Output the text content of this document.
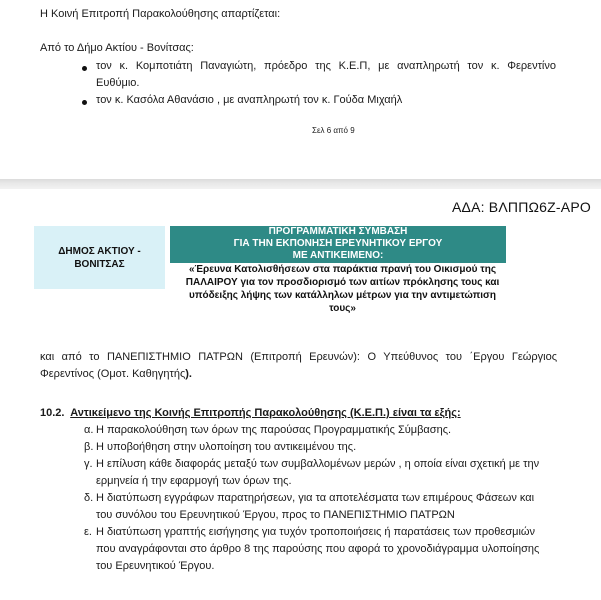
Η Κοινή Επιτροπή Παρακολούθησης απαρτίζεται:
Από το Δήμο Ακτίου - Βονίτσας:
τον κ. Κομποτιάτη Παναγιώτη, πρόεδρο της Κ.Ε.Π, με αναπληρωτή τον κ. Φερεντίνο
Ευθύμιο.
τον κ. Κασόλα Αθανάσιο , με αναπληρωτή τον κ. Γούδα Μιχαήλ
Σελ 6 από 9
ΑΔΑ: ΒΛΠΠΩ6Ζ-ΑΡΟ
ΔΗΜΟΣ ΑΚΤΙΟΥ -
ΒΟΝΙΤΣΑΣ
ΠΡΟΓΡΑΜΜΑΤΙΚΗ ΣΥΜΒΑΣΗ
ΓΙΑ ΤΗΝ ΕΚΠΟΝΗΣΗ ΕΡΕΥΝΗΤΙΚΟΥ ΕΡΓΟΥ
ΜΕ ΑΝΤΙΚΕΙΜΕΝΟ:
«Έρευνα Κατολισθήσεων στα παράκτια πρανή του Οικισμού της
ΠΑΛΑΙΡΟΥ για τον προσδιορισμό των αιτίων πρόκλησης τους και
υπόδειξης λήψης των κατάλληλων μέτρων για την αντιμετώπιση
τους»
και από το ΠΑΝΕΠΙΣΤΗΜΙΟ ΠΑΤΡΩΝ (Επιτροπή Ερευνών): Ο Υπεύθυνος του ΄Εργου Γεώργιος
Φερεντίνος (Ομοτ. Καθηγητής).
10.2. Αντικείμενο της Κοινής Επιτροπής Παρακολούθησης (Κ.Ε.Π.) είναι τα εξής:
α. Η παρακολούθηση των όρων της παρούσας Προγραμματικής Σύμβασης.
β. Η υποβοήθηση στην υλοποίηση του αντικειμένου της.
γ. Η επίλυση κάθε διαφοράς μεταξύ των συμβαλλομένων μερών , η οποία είναι σχετική με την
ερμηνεία ή την εφαρμογή των όρων της.
δ. Η διατύπωση εγγράφων παρατηρήσεων, για τα αποτελέσματα των επιμέρους Φάσεων και
του συνόλου του Ερευνητικού Έργου, προς το ΠΑΝΕΠΙΣΤΗΜΙΟ ΠΑΤΡΩΝ
ε. Η διατύπωση γραπτής εισήγησης για τυχόν τροποποιήσεις ή παρατάσεις των προθεσμιών
που αναγράφονται στο άρθρο 8 της παρούσης που αφορά το χρονοδιάγραμμα υλοποίησης
του Ερευνητικού Έργου.
